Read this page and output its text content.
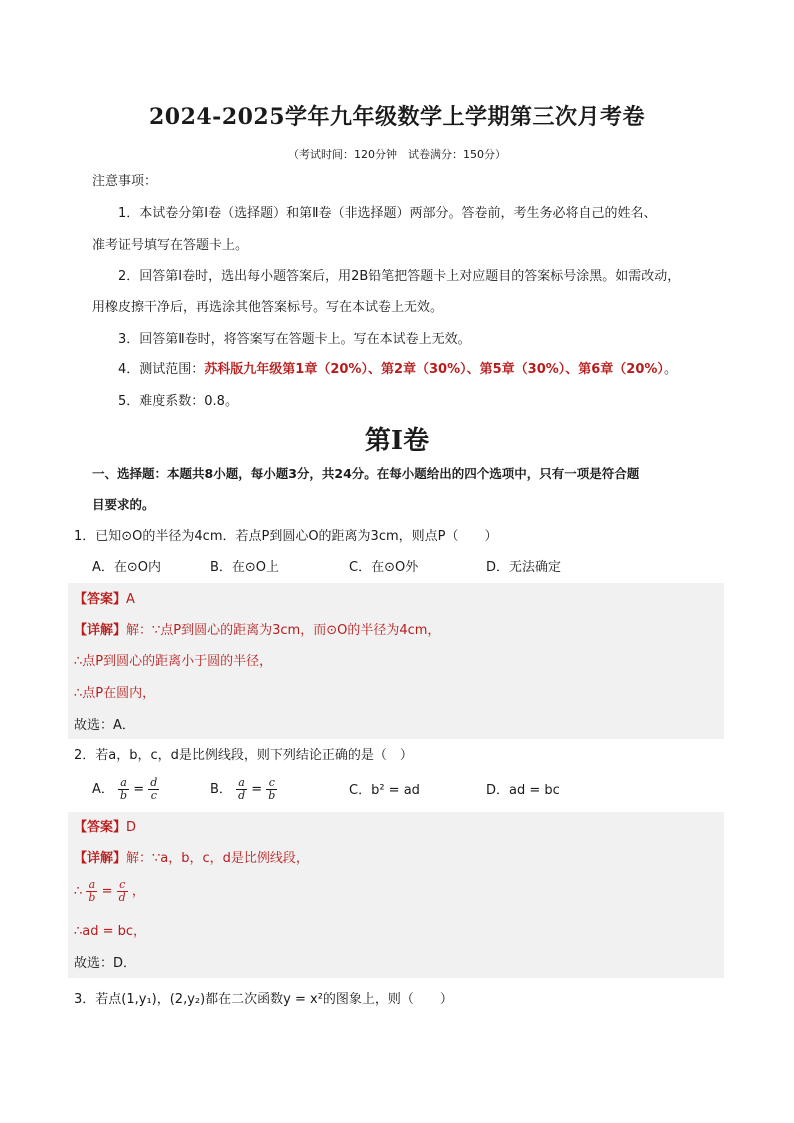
2024-2025学年九年级数学上学期第三次月考卷
（考试时间：120分钟　试卷满分：150分）
注意事项：
1．本试卷分第Ⅰ卷（选择题）和第Ⅱ卷（非选择题）两部分。答卷前，考生务必将自己的姓名、
准考证号填写在答题卡上。
2．回答第Ⅰ卷时，选出每小题答案后，用2B铅笔把答题卡上对应题目的答案标号涂黑。如需改动，
用橡皮擦干净后，再选涂其他答案标号。写在本试卷上无效。
3．回答第Ⅱ卷时，将答案写在答题卡上。写在本试卷上无效。
4．测试范围：苏科版九年级第1章（20%）、第2章（30%）、第5章（30%）、第6章（20%）。
5．难度系数：0.8。
第Ⅰ卷
一、选择题：本题共8小题，每小题3分，共24分。在每小题给出的四个选项中，只有一项是符合题
目要求的。
1．已知⊙O的半径为4cm．若点P到圆心O的距离为3cm，则点P（　　）
A．在⊙O内	B．在⊙O上	C．在⊙O外	D．无法确定
【答案】A
【详解】解：∵点P到圆心的距离为3cm，而⊙O的半径为4cm，
∴点P到圆心的距离小于圆的半径，
∴点P在圆内，
故选：A．
2．若a，b，c，d是比例线段，则下列结论正确的是（　）
A． $\frac{a}{b} = \frac{d}{c}$	B． $\frac{a}{d} = \frac{c}{b}$	C．b² = ad	D．ad = bc
【答案】D
【详解】解：∵a，b，c，d是比例线段，
∴ $\frac{a}{b} = \frac{c}{d}$ ，
∴ad = bc，
故选：D．
3．若点(1,y₁)，(2,y₂)都在二次函数y = x²的图象上，则（　　）
